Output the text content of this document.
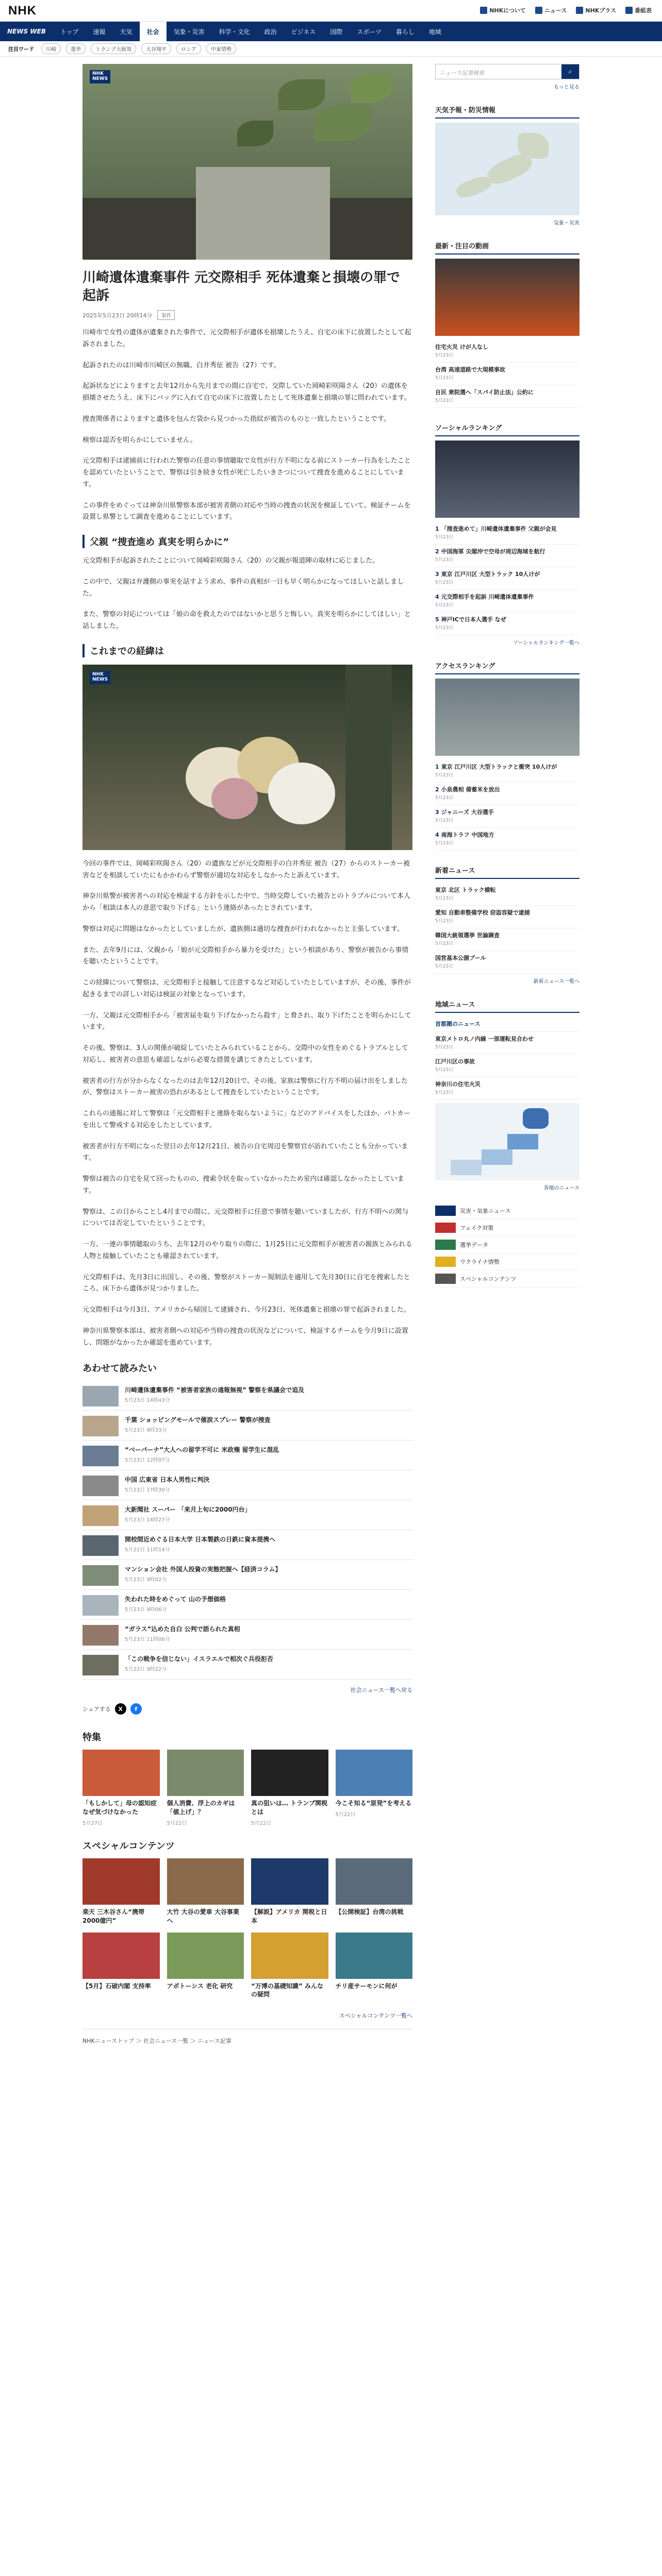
NHK	NHKについて	ニュース	NHKプラス	番組表
NEWS WEB	トップ	速報	天気	社会	気象・災害	科学・文化	政治	ビジネス	国際	スポーツ	暮らし	地域
注目ワード	川崎	選挙	トランプ大統領	大谷翔平	ロシア	中東情勢
NHK
NEWS
川崎遺体遺棄事件 元交際相手 死体遺棄と損壊の罪で起訴
2025年5月23日 20時14分	事件

川崎市で女性の遺体が遺棄された事件で、元交際相手が遺体を損壊したうえ、自宅の床下に放置したとして起訴されました。

起訴されたのは川崎市川崎区の無職、白井秀征 被告（27）です。

起訴状などによりますと去年12月から先月までの間に自宅で、交際していた岡崎彩咲陽さん（20）の遺体を損壊させたうえ、床下にバッグに入れて自宅の床下に放置したとして死体遺棄と損壊の罪に問われています。

捜査関係者によりますと遺体を包んだ袋から見つかった指紋が被告のものと一致したということです。

検察は認否を明らかにしていません。

元交際相手は逮捕前に行われた警察の任意の事情聴取で女性が行方不明になる前にストーカー行為をしたことを認めていたということで、警察は引き続き女性が死亡したいきさつについて捜査を進めることにしています。

この事件をめぐっては神奈川県警察本部が被害者側の対応や当時の捜査の状況を検証していて、検証チームを設置し県警として調査を進めることにしています。

父親 “捜査進め 真実を明らかに”

元交際相手が起訴されたことについて岡崎彩咲陽さん（20）の父親が報道陣の取材に応じました。

この中で、父親は弁護側の事実を話すよう求め、事件の真相が一日も早く明らかになってほしいと話しました。

また、警察の対応については「娘の命を救えたのではないかと思うと悔しい。真実を明らかにしてほしい」と話しました。

これまでの経緯は
NHK
NEWS

今回の事件では、岡崎彩咲陽さん（20）の遺族などが元交際相手の白井秀征 被告（27）からのストーカー被害などを相談していたにもかかわらず警察が適切な対応をしなかったと訴えています。

神奈川県警が被害者への対応を検証する方針を示した中で、当時交際していた被告とのトラブルについて本人から「相談は本人の意思で取り下げる」という連絡があったとされています。

警察は対応に問題はなかったとしていましたが、遺族側は適切な捜査が行われなかったと主張しています。

また、去年9月には、父親から「娘が元交際相手から暴力を受けた」という相談があり、警察が被告から事情を聴いたということです。

この経緯について警察は、元交際相手と接触して注意するなど対応していたとしていますが、その後、事件が起きるまでの詳しい対応は検証の対象となっています。

一方、父親は元交際相手から「被害届を取り下げなかったら殺す」と脅され、取り下げたことを明らかにしています。

その後、警察は、3人の関係が破綻していたとみられていることから、交際中の女性をめぐるトラブルとして対応し、被害者の意思も確認しながら必要な措置を講じてきたとしています。

被害者の行方が分からなくなったのは去年12月20日で、その後、家族は警察に行方不明の届け出をしましたが、警察はストーカー被害の恐れがあるとして捜査をしていたということです。

これらの通報に対して警察は「元交際相手と連絡を取らないように」などのアドバイスをしたほか、パトカーを出して警戒する対応をしたとしています。

被害者が行方不明になった翌日の去年12月21日、被告の自宅周辺を警察官が訪れていたことも分かっています。

警察は被告の自宅を見て回ったものの、捜索令状を取っていなかったため室内は確認しなかったとしています。

警察は、この日からことし4月までの間に、元交際相手に任意で事情を聴いていましたが、行方不明への関与については否定していたということです。

一方、一連の事情聴取のうち、去年12月のやり取りの際に、1月25日に元交際相手が被害者の親族とみられる人物と接触していたことも確認されています。

元交際相手は、先月3日に出国し、その後、警察がストーカー規制法を適用して先月30日に自宅を捜索したところ、床下から遺体が見つかりました。

元交際相手は今月3日、アメリカから帰国して逮捕され、今月23日、死体遺棄と損壊の罪で起訴されました。

神奈川県警察本部は、被害者側への対応や当時の捜査の状況などについて、検証するチームを今月9日に設置し、問題がなかったか確認を進めています。

あわせて読みたい
川崎遺体遺棄事件 “被害者家族の通報無視” 警察を県議会で追及
5月23日 14時43分
千葉 ショッピングモールで催涙スプレー 警察が捜査
5月23日 9時33分
“ベーパーナ”大人への留学不可に 米政権 留学生に混乱
5月23日 12時07分
中国 広東省 日本人男性に判決
5月23日 17時30分
大新聞社 スーパー 「来月上旬に2000円台」
5月23日 14時27分
開校間近めぐる日本大学 日本製鉄の日鉄に資本提携へ
5月22日 11時14分
マンション会社 外国人投資の実態把握へ【経済コラム】
5月23日 9時02分
失われた時をめぐって 山の予想価格
5月23日 9時06分
“ガラス”込めた自白 公判で語られた真相
5月23日 11時06分
「この戦争を信じない」イスラエルで相次ぐ兵役拒否
5月22日 9時22分
社会ニュース一覧へ戻る
シェアする	X	f
特集
「もしかして」母の認知症 なぜ気づけなかった
5月27日
個人消費、浮上のカギは「値上げ」？
5月22日
真の狙いは… トランプ関税とは
5月22日
今こそ知る“原発”を考える
5月22日
スペシャルコンテンツ
楽天 三木谷さん“携帯2000億円”
大竹 大谷の愛車 大谷事業へ
【解説】アメリカ 関税と日本
【公開検証】台湾の挑戦
【5月】石破内閣 支持率	アポトーシス 老化 研究	“万博の基礎知識” みんなの疑問
チリ産サーモンに何が
スペシャルコンテンツ一覧へ
NHKニューストップ ＞ 社会ニュース一覧 ＞ ニュース記事
ニュース記事検索	⌕
もっと見る
天気予報・防災情報
気象・災害
最新・注目の動画
住宅火災 けが人なし
5月23日
台湾 高速道路で大規模事故
5月23日
自民 衆院選へ「スパイ防止法」公約に
5月23日
ソーシャルランキング
1 「捜査進めて」川崎遺体遺棄事件 父親が会見
5月23日
2 中国海軍 尖閣沖で空母が周辺海域を航行
5月23日
3 東京 江戸川区 大型トラック 10人けが
5月23日
4 元交際相手を起訴 川崎遺体遺棄事件
5月23日
5 神戸ICで日本人選手 なぜ
5月23日
ソーシャルランキング一覧へ
アクセスランキング
1 東京 江戸川区 大型トラックと衝突 10人けが
5月23日
2 小泉農相 備蓄米を放出
5月23日
3 ジャニーズ 大谷選手
5月23日
4 南海トラフ 中国地方
5月23日
新着ニュース
東京 北区 トラック横転
5月23日
愛知 自動車整備学校 窃盗容疑で逮捕
5月23日
韓国大統領選挙 世論調査
5月23日
国営基本公園プール
5月23日
新着ニュース一覧へ
地域ニュース
首都圏のニュース
東京メトロ丸ノ内線 一部運転見合わせ
5月23日
江戸川区の事故
5月23日
神奈川の住宅火災
5月23日
各地のニュース
災害・気象ニュース
フェイク対策
選挙データ
ウクライナ情勢
スペシャルコンテンツ
